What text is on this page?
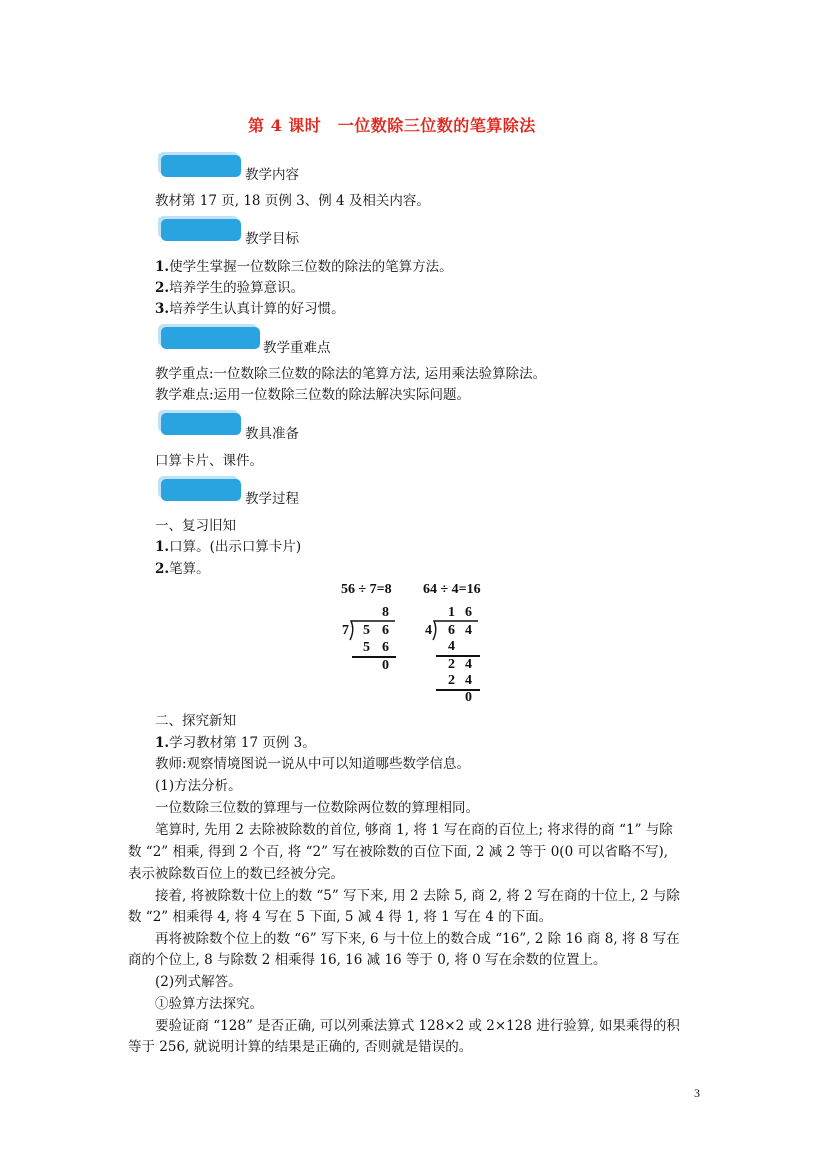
第 4 课时　一位数除三位数的笔算除法
教学内容
教材第 17 页, 18 页例 3、例 4 及相关内容。
教学目标
1.使学生掌握一位数除三位数的除法的笔算方法。
2.培养学生的验算意识。
3.培养学生认真计算的好习惯。
教学重难点
教学重点:一位数除三位数的除法的笔算方法, 运用乘法验算除法。
教学难点:运用一位数除三位数的除法解决实际问题。
教具准备
口算卡片、课件。
教学过程
一、复习旧知
1.口算。(出示口算卡片)
2.笔算。
56 ÷ 7=8 64 ÷ 4=16
8
7 5 6
5 6
0
1 6
4 6 4
4
2 4
2 4
0
二、探究新知
1.学习教材第 17 页例 3。
教师:观察情境图说一说从中可以知道哪些数学信息。
(1)方法分析。
一位数除三位数的算理与一位数除两位数的算理相同。
笔算时, 先用 2 去除被除数的首位, 够商 1, 将 1 写在商的百位上; 将求得的商 “1” 与除
数 “2” 相乘, 得到 2 个百, 将 “2” 写在被除数的百位下面, 2 减 2 等于 0(0 可以省略不写),
表示被除数百位上的数已经被分完。
接着, 将被除数十位上的数 “5” 写下来, 用 2 去除 5, 商 2, 将 2 写在商的十位上, 2 与除
数 “2” 相乘得 4, 将 4 写在 5 下面, 5 减 4 得 1, 将 1 写在 4 的下面。
再将被除数个位上的数 “6” 写下来, 6 与十位上的数合成 “16”, 2 除 16 商 8, 将 8 写在
商的个位上, 8 与除数 2 相乘得 16, 16 减 16 等于 0, 将 0 写在余数的位置上。
(2)列式解答。
①验算方法探究。
要验证商 “128” 是否正确, 可以列乘法算式 128×2 或 2×128 进行验算, 如果乘得的积
等于 256, 就说明计算的结果是正确的, 否则就是错误的。
3
